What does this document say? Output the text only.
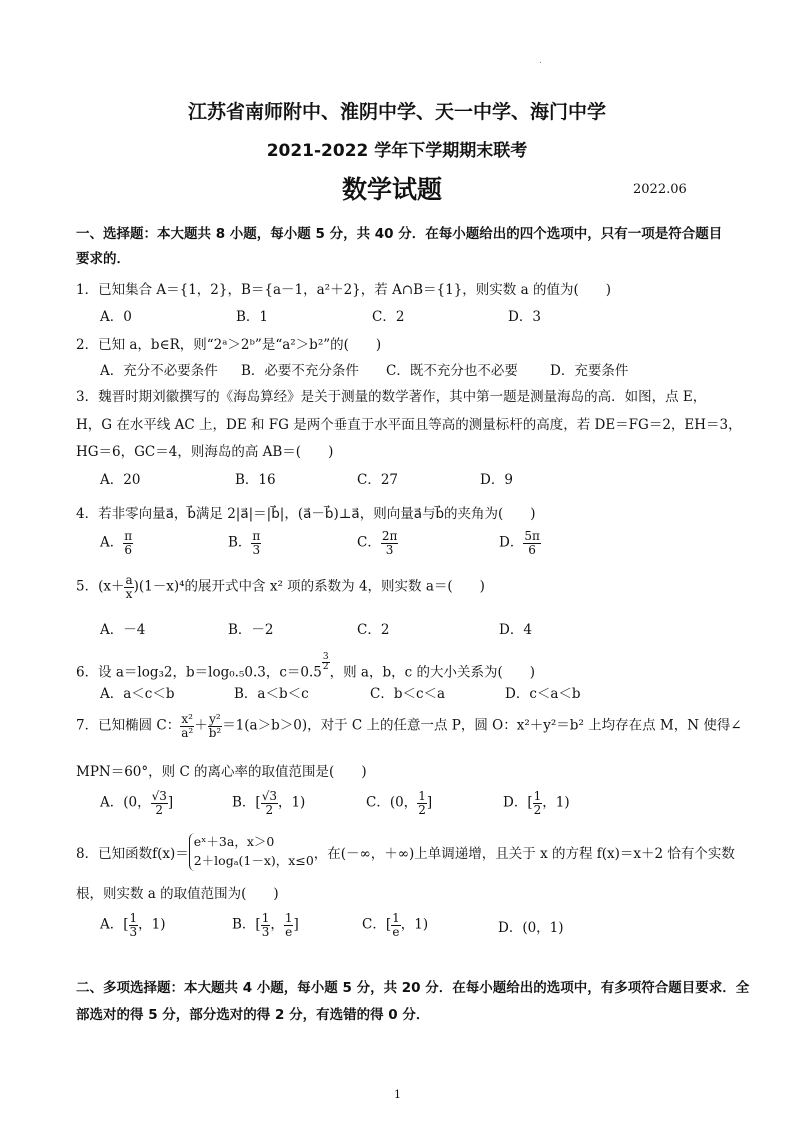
.
江苏省南师附中、淮阴中学、天一中学、海门中学
2021-2022 学年下学期期末联考
数学试题	2022.06
一、选择题：本大题共 8 小题，每小题 5 分，共 40 分．在每小题给出的四个选项中，只有一项是符合题目
要求的．
1．已知集合 A＝{1，2}，B＝{a－1，a²＋2}，若 A∩B＝{1}，则实数 a 的值为(　　)
A．0	B．1	C．2	D．3
2．已知 a，b∈R，则“2ᵃ＞2ᵇ”是“a²＞b²”的(　　)
A．充分不必要条件 B．必要不充分条件 C．既不充分也不必要 D．充要条件
3．魏晋时期刘徽撰写的《海岛算经》是关于测量的数学著作，其中第一题是测量海岛的高．如图，点 E，
H，G 在水平线 AC 上，DE 和 FG 是两个垂直于水平面且等高的测量标杆的高度，若 DE＝FG＝2，EH＝3，
HG＝6，GC＝4，则海岛的高 AB＝(　　)
A．20	B．16	C．27	D．9
4．若非零向量a⃗，b⃗满足 2|a⃗|＝|b⃗|，(a⃗－b⃗)⊥a⃗，则向量a⃗与b⃗的夹角为(　　)
A． $\frac{\pi}{6}$	B． $\frac{\pi}{3}$	C． $\frac{2\pi}{3}$	D． $\frac{5\pi}{6}$
5．$(x+ \frac{a}{x} )(1-x)^4$的展开式中含 x² 项的系数为 4，则实数 a＝(　　)
A．－4	B．－2	C．2	D．4
6．设 a＝log₃2，b＝log₀.₅0.3，$c=0.5 \frac{3}{2}$ ，则 a，b，c 的大小关系为(　　)
A．a＜c＜b	B．a＜b＜c	C．b＜c＜a	D．c＜a＜b
7．已知椭圆 C： $\frac{\text{x²}}{\text{a²}} + \frac{\text{y²}}{\text{b²}} =1(a>b>0)$，对于 C 上的任意一点 P，圆 O：x²＋y²＝b² 上均存在点 M，N 使得∠
MPN＝60°，则 C 的离心率的取值范围是(　　)
A．(0， $\frac{√3}{2}$ ]	B．[ $\frac{√3}{2}$ ，1)	C．(0， $\frac{1}{2}$ ]	D．[ $\frac{1}{2}$ ，1)
8．已知函数f(x)＝
eˣ＋3a，x＞0
2＋logₐ(1－x)，x≤0 ，在(－∞，＋∞)上单调递增，且关于 x 的方程 f(x)＝x＋2 恰有个实数
根，则实数 a 的取值范围为(　　)
A．[ $\frac{1}{3}$ ，1)	B．[ $\frac{1}{3}$ ， $\frac{1}{e}$ ]	C．[ $\frac{1}{e}$ ，1)	D．(0，1)
二、多项选择题：本大题共 4 小题，每小题 5 分，共 20 分．在每小题给出的选项中，有多项符合题目要求．全
部选对的得 5 分，部分选对的得 2 分，有选错的得 0 分．
1
